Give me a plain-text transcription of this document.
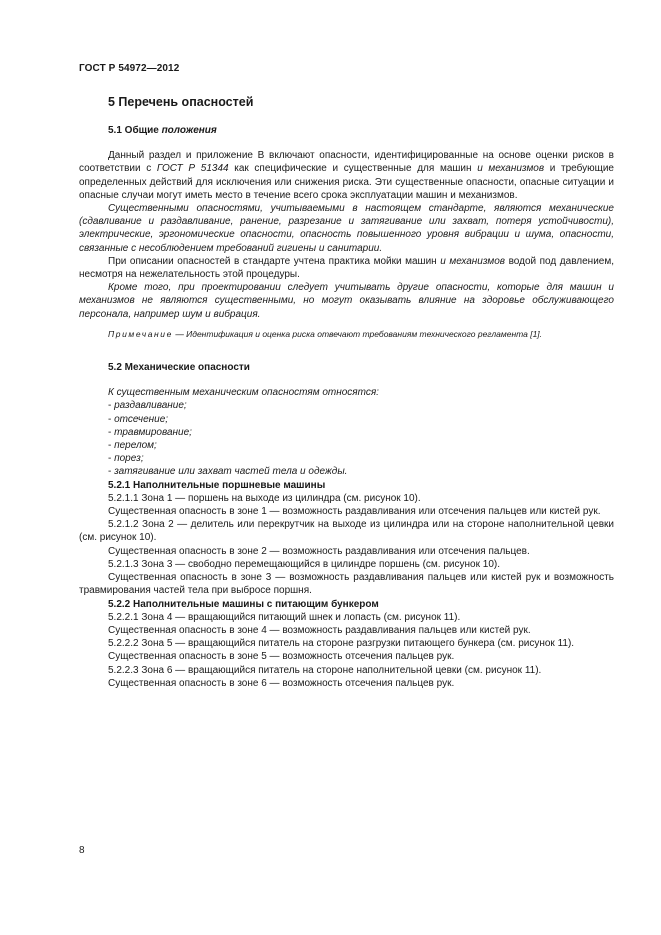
ГОСТ Р 54972—2012
5 Перечень опасностей
5.1 Общие положения

Данный раздел и приложение В включают опасности, идентифицированные на основе оценки рисков в соответствии с ГОСТ Р 51344 как специфические и существенные для машин и механизмов и требующие определенных действий для исключения или снижения риска. Эти существенные опасности, опасные ситуации и опасные случаи могут иметь место в течение всего срока эксплуатации машин и механизмов.

Существенными опасностями, учитываемыми в настоящем стандарте, являются механические (сдавливание и раздавливание, ранение, разрезание и затягивание или захват, потеря устойчивости), электрические, эргономические опасности, опасность повышенного уровня вибрации и шума, опасности, связанные с несоблюдением требований гигиены и санитарии.

При описании опасностей в стандарте учтена практика мойки машин и механизмов водой под давлением, несмотря на нежелательность этой процедуры.

Кроме того, при проектировании следует учитывать другие опасности, которые для машин и механизмов не являются существенными, но могут оказывать влияние на здоровье обслуживающего персонала, например шум и вибрация.

Примечание — Идентификация и оценка риска отвечают требованиям технического регламента [1].

5.2 Механические опасности

К существенным механическим опасностям относятся:

- раздавливание;
- отсечение;
- травмирование;
- перелом;
- порез;
- затягивание или захват частей тела и одежды.

5.2.1 Наполнительные поршневые машины

5.2.1.1 Зона 1 — поршень на выходе из цилиндра (см. рисунок 10).

Существенная опасность в зоне 1 — возможность раздавливания или отсечения пальцев или кистей рук.

5.2.1.2 Зона 2 — делитель или перекрутчик на выходе из цилиндра или на стороне наполнительной цевки (см. рисунок 10).

Существенная опасность в зоне 2 — возможность раздавливания или отсечения пальцев.

5.2.1.3 Зона 3 — свободно перемещающийся в цилиндре поршень (см. рисунок 10).

Существенная опасность в зоне 3 — возможность раздавливания пальцев или кистей рук и возможность травмирования частей тела при выбросе поршня.

5.2.2 Наполнительные машины с питающим бункером

5.2.2.1 Зона 4 — вращающийся питающий шнек и лопасть (см. рисунок 11).

Существенная опасность в зоне 4 — возможность раздавливания пальцев или кистей рук.

5.2.2.2 Зона 5 — вращающийся питатель на стороне разгрузки питающего бункера (см. рисунок 11).

Существенная опасность в зоне 5 — возможность отсечения пальцев рук.

5.2.2.3 Зона 6 — вращающийся питатель на стороне наполнительной цевки (см. рисунок 11).

Существенная опасность в зоне 6 — возможность отсечения пальцев рук.

8
